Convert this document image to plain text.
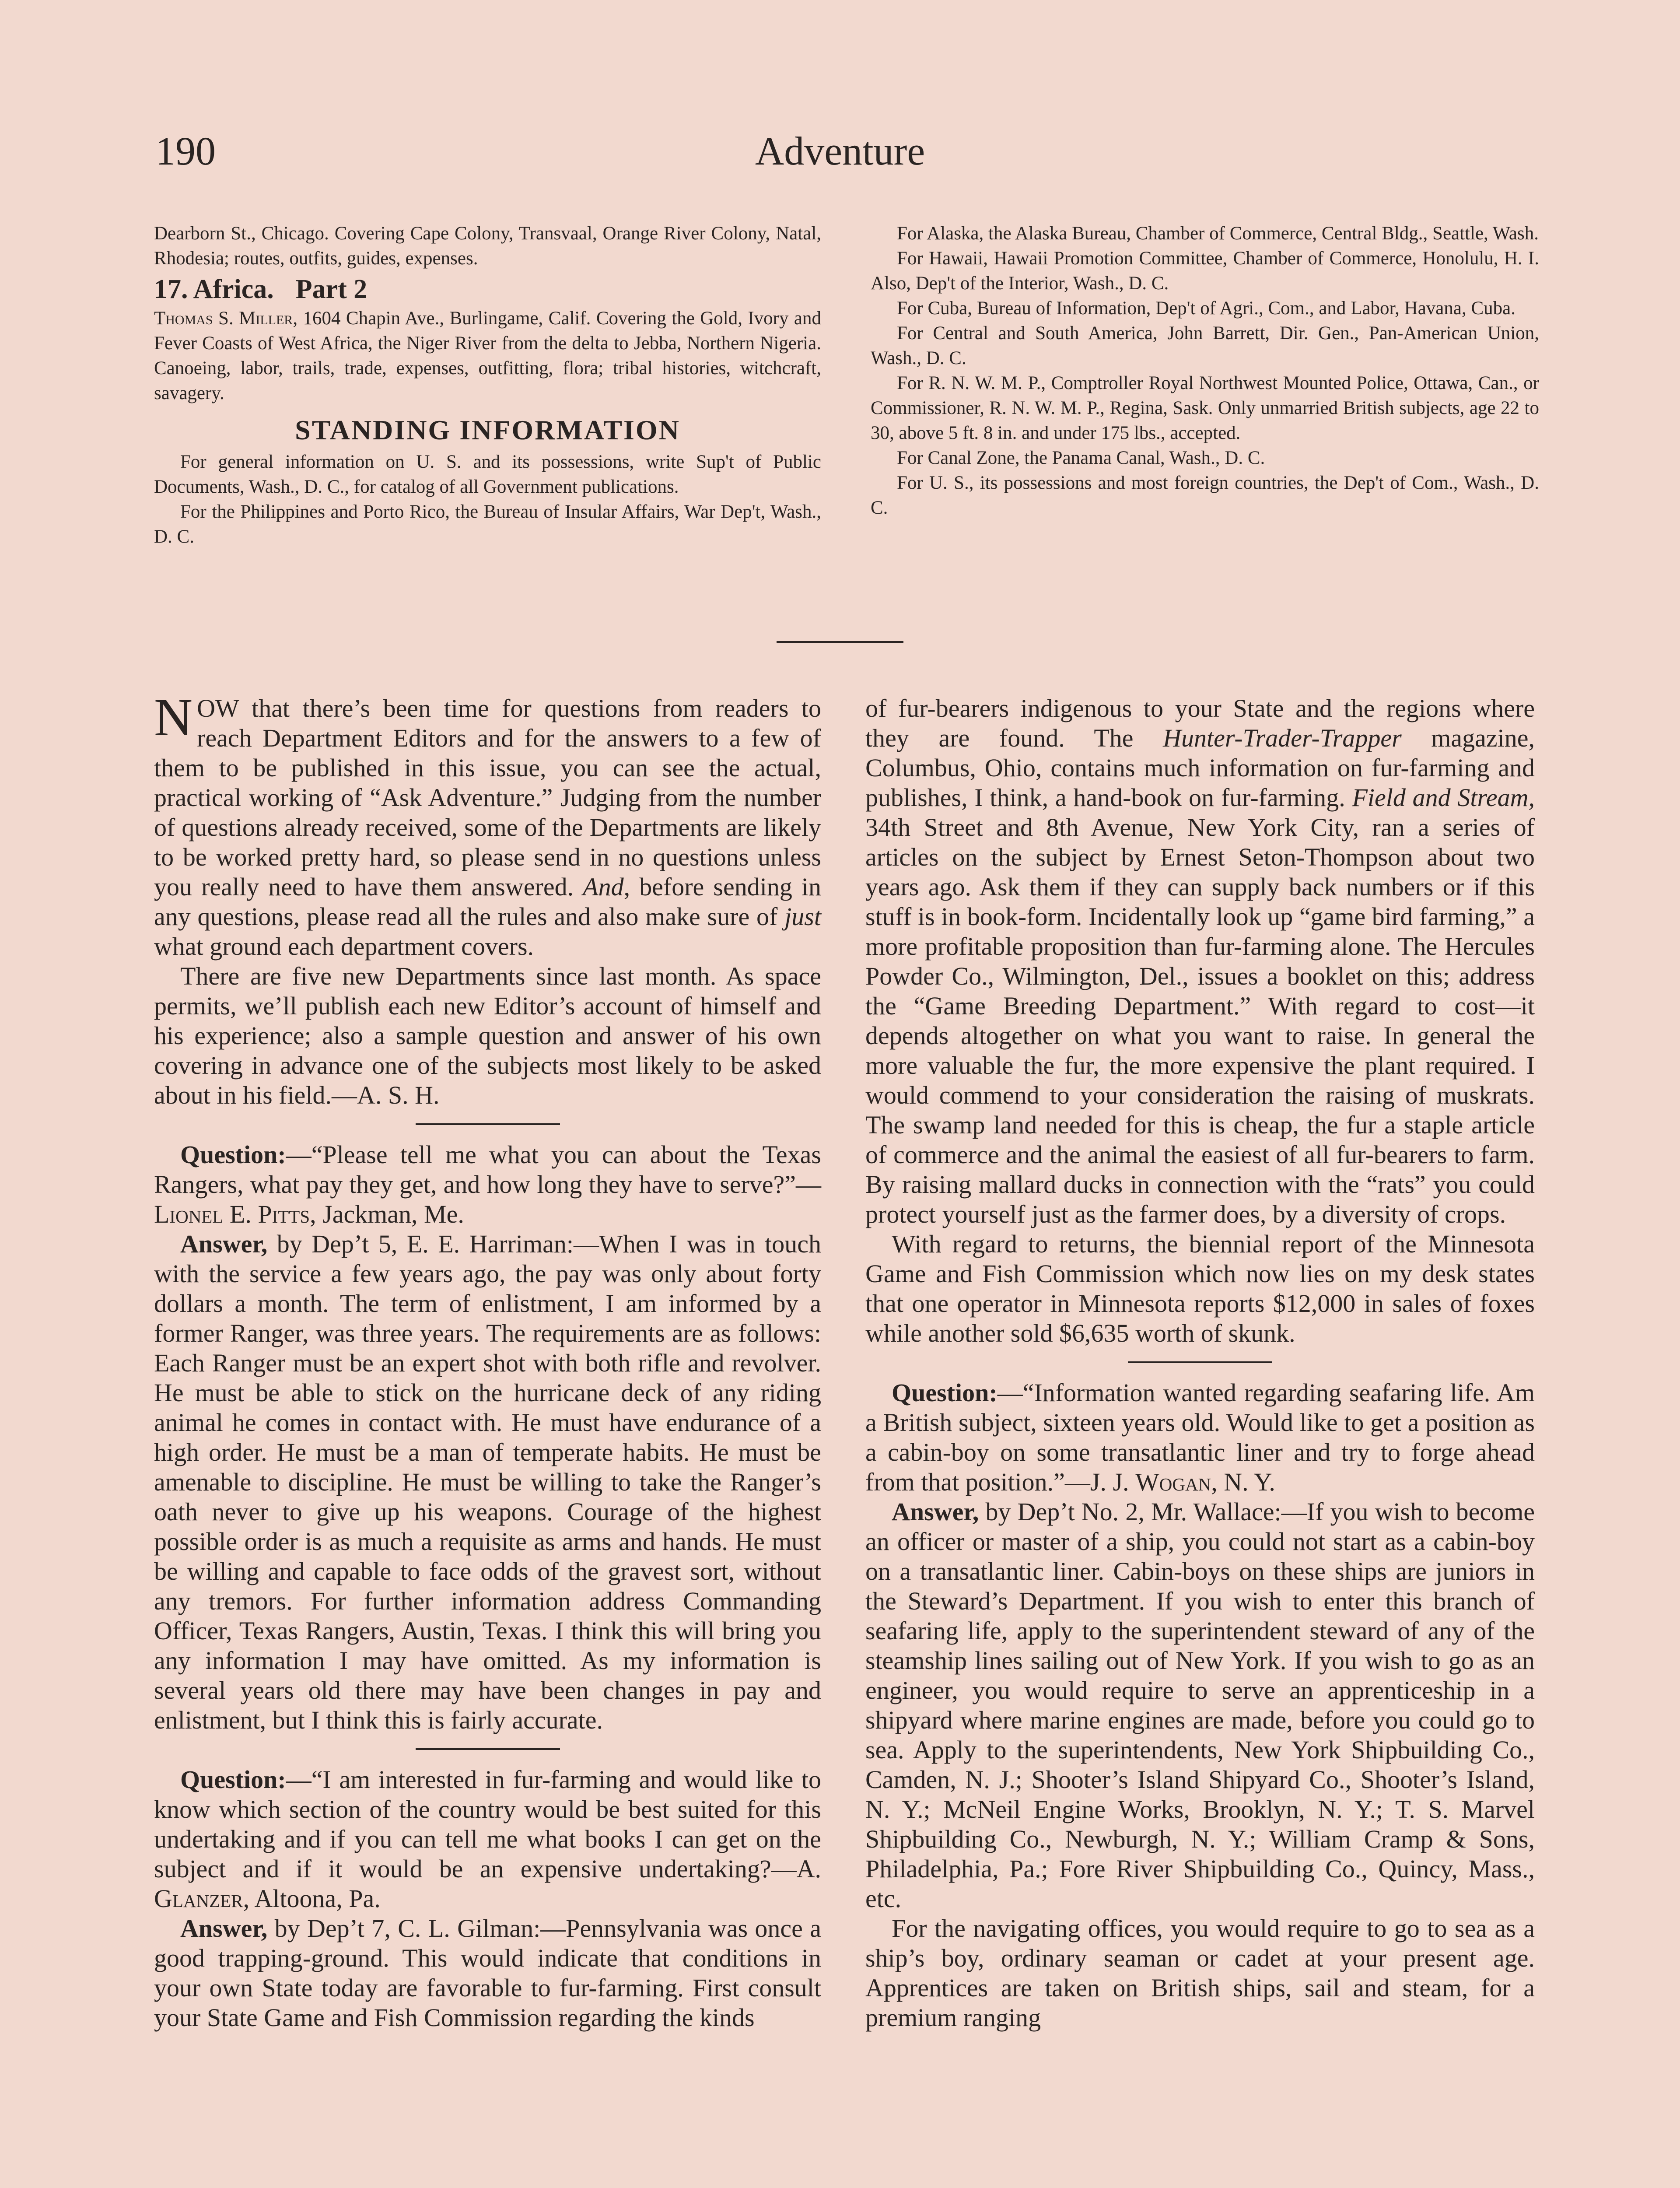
190	Adventure

Dearborn St., Chicago. Covering Cape Colony, Transvaal, Orange River Colony, Natal, Rhodesia; routes, outfits, guides, expenses.

17. Africa. Part 2

Thomas S. Miller, 1604 Chapin Ave., Burlingame, Calif. Covering the Gold, Ivory and Fever Coasts of West Africa, the Niger River from the delta to Jebba, Northern Nigeria. Canoeing, labor, trails, trade, expenses, outfitting, flora; tribal histories, witchcraft, savagery.

STANDING INFORMATION

For general information on U. S. and its possessions, write Sup't of Public Documents, Wash., D. C., for catalog of all Government publications.

For the Philippines and Porto Rico, the Bureau of Insular Affairs, War Dep't, Wash., D. C.

For Alaska, the Alaska Bureau, Chamber of Commerce, Central Bldg., Seattle, Wash.

For Hawaii, Hawaii Promotion Committee, Chamber of Commerce, Honolulu, H. I. Also, Dep't of the Interior, Wash., D. C.

For Cuba, Bureau of Information, Dep't of Agri., Com., and Labor, Havana, Cuba.

For Central and South America, John Barrett, Dir. Gen., Pan-American Union, Wash., D. C.

For R. N. W. M. P., Comptroller Royal Northwest Mounted Police, Ottawa, Can., or Commissioner, R. N. W. M. P., Regina, Sask. Only unmarried British subjects, age 22 to 30, above 5 ft. 8 in. and under 175 lbs., accepted.

For Canal Zone, the Panama Canal, Wash., D. C.

For U. S., its possessions and most foreign countries, the Dep't of Com., Wash., D. C.

NOW that there’s been time for questions from readers to reach Department Editors and for the answers to a few of them to be published in this issue, you can see the actual, practical working of “Ask Adventure.” Judging from the number of questions already received, some of the Departments are likely to be worked pretty hard, so please send in no questions unless you really need to have them answered. And, before sending in any questions, please read all the rules and also make sure of just what ground each department covers.

There are five new Departments since last month. As space permits, we’ll publish each new Editor’s account of himself and his experience; also a sample question and answer of his own covering in advance one of the subjects most likely to be asked about in his field.—A. S. H.

Question:—“Please tell me what you can about the Texas Rangers, what pay they get, and how long they have to serve?”—Lionel E. Pitts, Jackman, Me.

Answer, by Dep’t 5, E. E. Harriman:—When I was in touch with the service a few years ago, the pay was only about forty dollars a month. The term of enlistment, I am informed by a former Ranger, was three years. The requirements are as follows: Each Ranger must be an expert shot with both rifle and revolver. He must be able to stick on the hurricane deck of any riding animal he comes in contact with. He must have endurance of a high order. He must be a man of temperate habits. He must be amenable to discipline. He must be willing to take the Ranger’s oath never to give up his weapons. Courage of the highest possible order is as much a requisite as arms and hands. He must be willing and capable to face odds of the gravest sort, without any tremors. For further information address Commanding Officer, Texas Rangers, Austin, Texas. I think this will bring you any information I may have omitted. As my information is several years old there may have been changes in pay and enlistment, but I think this is fairly accurate.

Question:—“I am interested in fur-farming and would like to know which section of the country would be best suited for this undertaking and if you can tell me what books I can get on the subject and if it would be an expensive undertaking?—A. Glanzer, Altoona, Pa.

Answer, by Dep’t 7, C. L. Gilman:—Pennsylvania was once a good trapping-ground. This would indicate that conditions in your own State today are favorable to fur-farming. First consult your State Game and Fish Commission regarding the kinds

of fur-bearers indigenous to your State and the regions where they are found. The Hunter-Trader-Trapper magazine, Columbus, Ohio, contains much information on fur-farming and publishes, I think, a hand-book on fur-farming. Field and Stream, 34th Street and 8th Avenue, New York City, ran a series of articles on the subject by Ernest Seton-Thompson about two years ago. Ask them if they can supply back numbers or if this stuff is in book-form. Incidentally look up “game bird farming,” a more profitable proposition than fur-farming alone. The Hercules Powder Co., Wilmington, Del., issues a booklet on this; address the “Game Breeding Department.” With regard to cost—it depends altogether on what you want to raise. In general the more valuable the fur, the more expensive the plant required. I would commend to your consideration the raising of muskrats. The swamp land needed for this is cheap, the fur a staple article of commerce and the animal the easiest of all fur-bearers to farm. By raising mallard ducks in connection with the “rats” you could protect yourself just as the farmer does, by a diversity of crops.

With regard to returns, the biennial report of the Minnesota Game and Fish Commission which now lies on my desk states that one operator in Minnesota reports $12,000 in sales of foxes while another sold $6,635 worth of skunk.

Question:—“Information wanted regarding seafaring life. Am a British subject, sixteen years old. Would like to get a position as a cabin-boy on some transatlantic liner and try to forge ahead from that position.”—J. J. Wogan, N. Y.

Answer, by Dep’t No. 2, Mr. Wallace:—If you wish to become an officer or master of a ship, you could not start as a cabin-boy on a transatlantic liner. Cabin-boys on these ships are juniors in the Steward’s Department. If you wish to enter this branch of seafaring life, apply to the superintendent steward of any of the steamship lines sailing out of New York. If you wish to go as an engineer, you would require to serve an apprenticeship in a shipyard where marine engines are made, before you could go to sea. Apply to the superintendents, New York Shipbuilding Co., Camden, N. J.; Shooter’s Island Shipyard Co., Shooter’s Island, N. Y.; McNeil Engine Works, Brooklyn, N. Y.; T. S. Marvel Shipbuilding Co., Newburgh, N. Y.; William Cramp & Sons, Philadelphia, Pa.; Fore River Shipbuilding Co., Quincy, Mass., etc.

For the navigating offices, you would require to go to sea as a ship’s boy, ordinary seaman or cadet at your present age. Apprentices are taken on British ships, sail and steam, for a premium ranging
